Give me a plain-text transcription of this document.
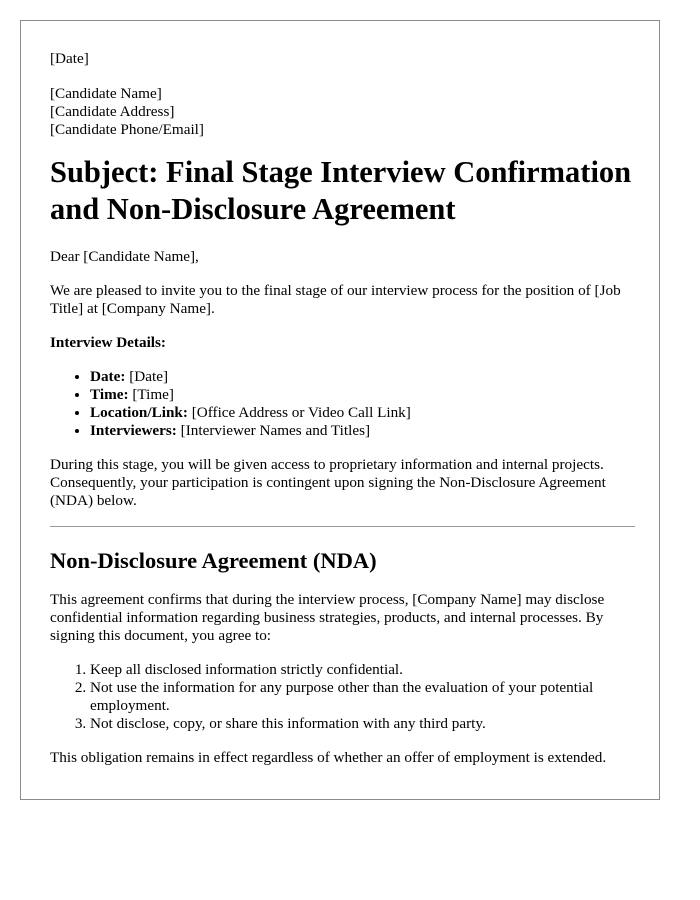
[Date]

[Candidate Name]
[Candidate Address]
[Candidate Phone/Email]
Subject: Final Stage Interview Confirmation and Non-Disclosure Agreement

Dear [Candidate Name],

We are pleased to invite you to the final stage of our interview process for the position of [Job Title] at [Company Name].

Interview Details:

• Date: [Date]
• Time: [Time]
• Location/Link: [Office Address or Video Call Link]
• Interviewers: [Interviewer Names and Titles]

During this stage, you will be given access to proprietary information and internal projects. Consequently, your participation is contingent upon signing the Non-Disclosure Agreement (NDA) below.

Non-Disclosure Agreement (NDA)

This agreement confirms that during the interview process, [Company Name] may disclose confidential information regarding business strategies, products, and internal processes. By signing this document, you agree to:

1. Keep all disclosed information strictly confidential.
2. Not use the information for any purpose other than the evaluation of your potential employment.
3. Not disclose, copy, or share this information with any third party.

This obligation remains in effect regardless of whether an offer of employment is extended.
